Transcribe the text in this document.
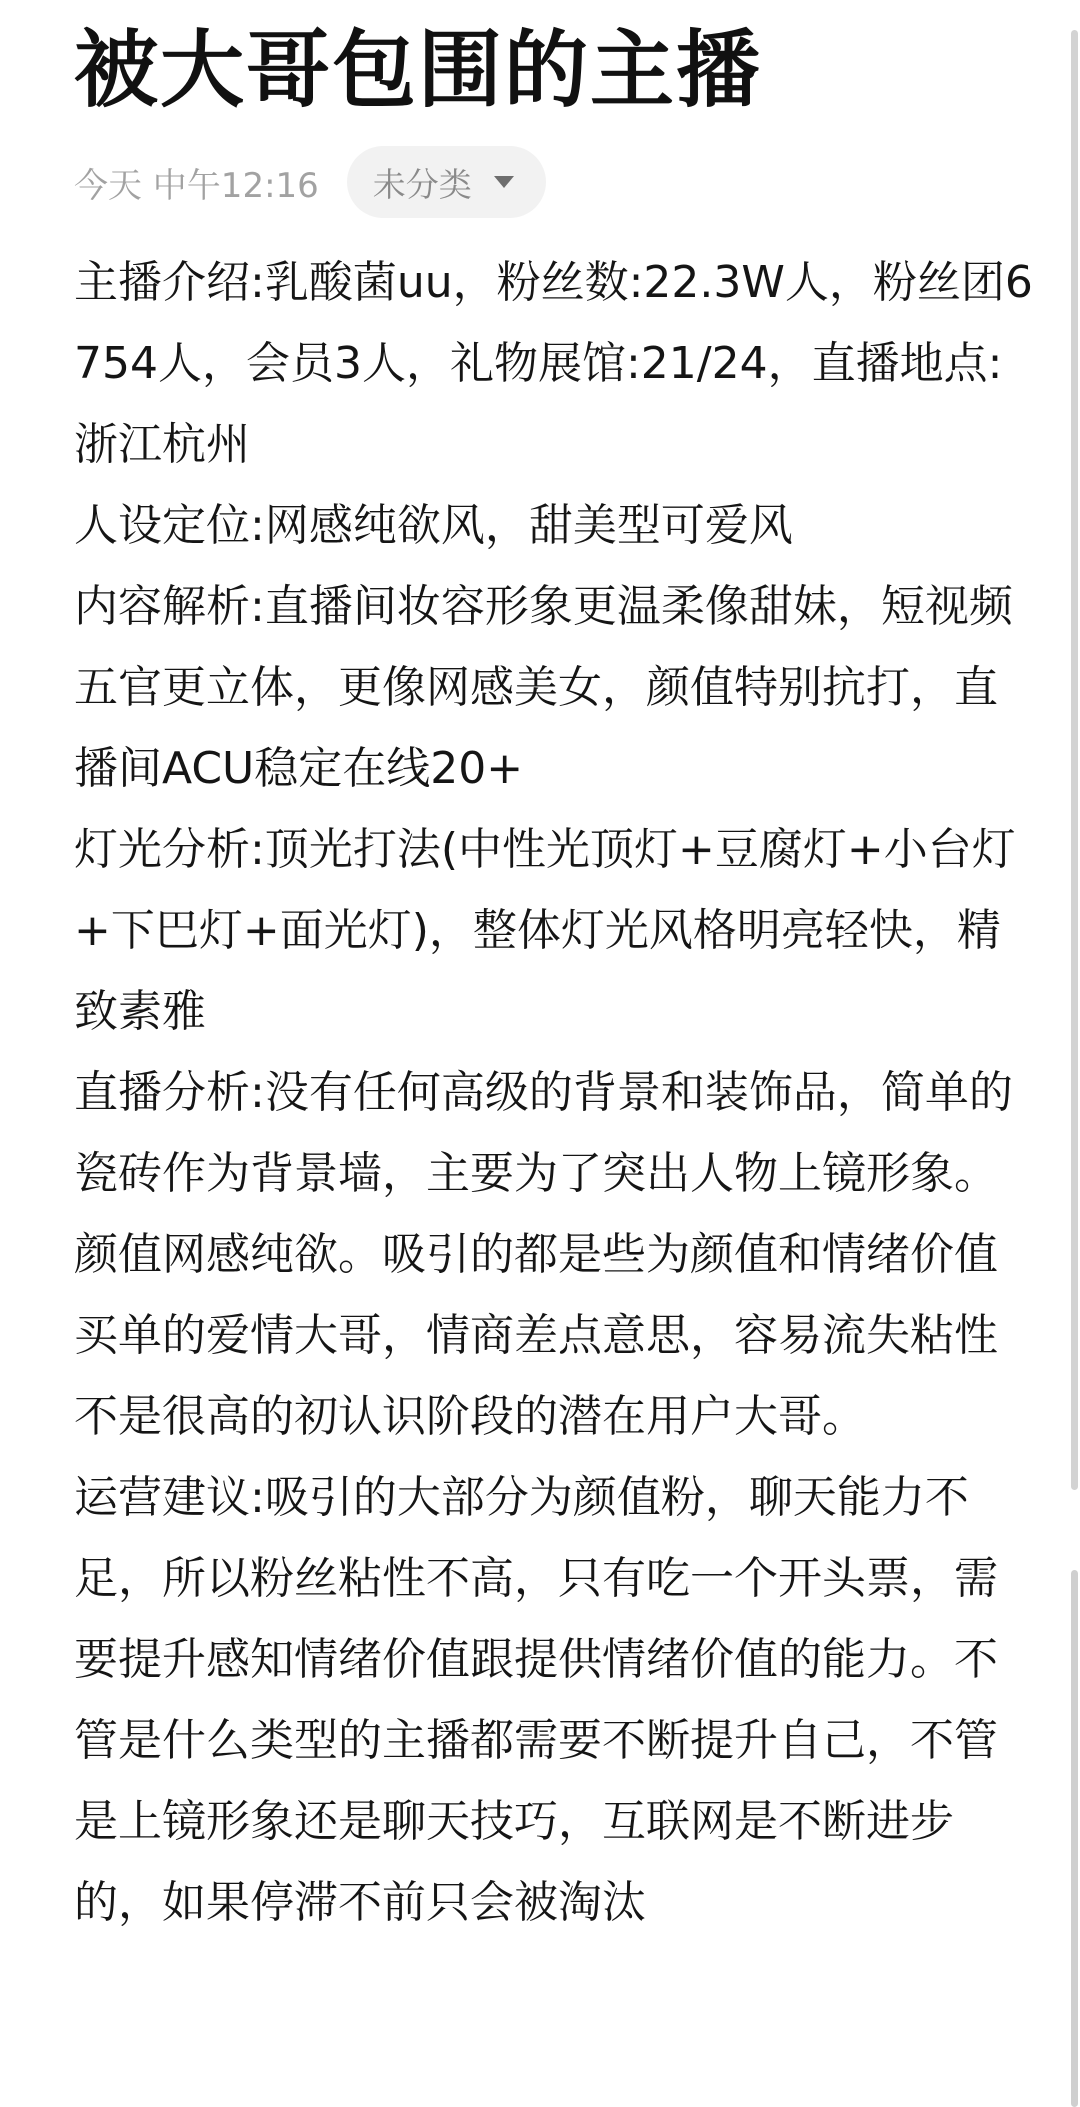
被大哥包围的主播
今天 中午12:16 未分类

主播介绍:乳酸菌uu，粉丝数:22.3W人，粉丝团6754人，会员3人，礼物展馆:21/24，直播地点:浙江杭州

人设定位:网感纯欲风，甜美型可爱风

内容解析:直播间妆容形象更温柔像甜妹，短视频五官更立体，更像网感美女，颜值特别抗打，直播间ACU稳定在线20+

灯光分析:顶光打法(中性光顶灯+豆腐灯+小台灯+下巴灯+面光灯)，整体灯光风格明亮轻快，精致素雅

直播分析:没有任何高级的背景和装饰品，简单的瓷砖作为背景墙，主要为了突出人物上镜形象。颜值网感纯欲。吸引的都是些为颜值和情绪价值买单的爱情大哥，情商差点意思，容易流失粘性不是很高的初认识阶段的潜在用户大哥。

运营建议:吸引的大部分为颜值粉，聊天能力不足，所以粉丝粘性不高，只有吃一个开头票，需要提升感知情绪价值跟提供情绪价值的能力。不管是什么类型的主播都需要不断提升自己，不管是上镜形象还是聊天技巧，互联网是不断进步的，如果停滞不前只会被淘汰
